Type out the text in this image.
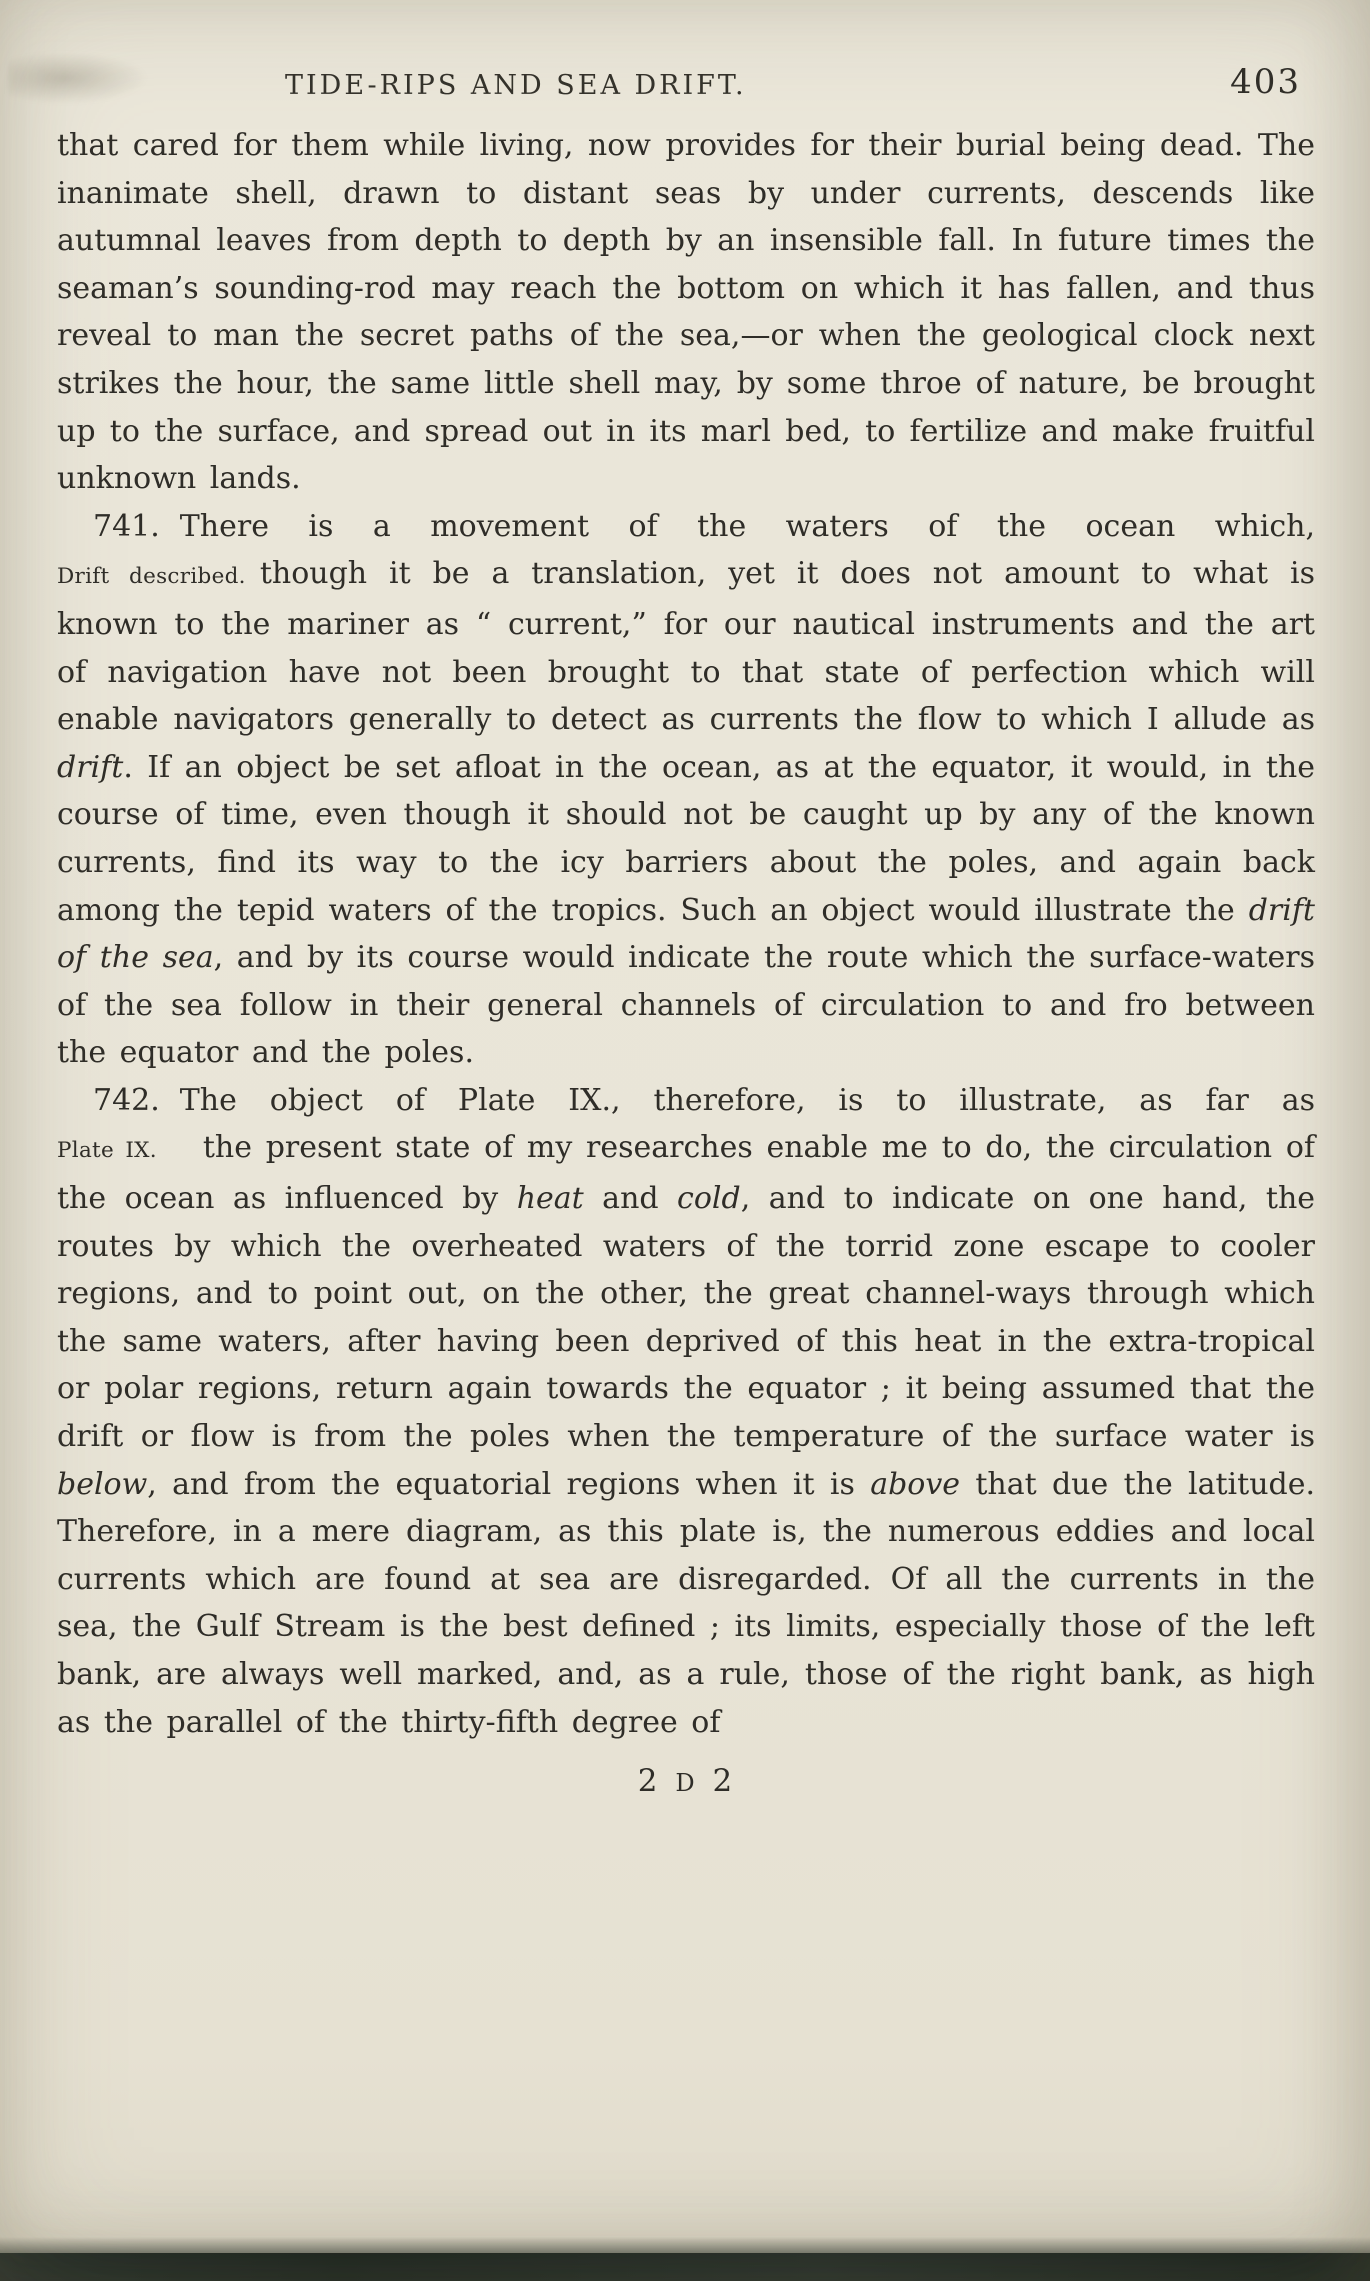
TIDE-RIPS AND SEA DRIFT.	403

that cared for them while living, now provides for their burial being dead. The inanimate shell, drawn to distant seas by under currents, descends like autumnal leaves from depth to depth by an insensible fall. In future times the seaman’s sounding-rod may reach the bottom on which it has fallen, and thus reveal to man the secret paths of the sea,—or when the geological clock next strikes the hour, the same little shell may, by some throe of nature, be brought up to the surface, and spread out in its marl bed, to fertilize and make fruitful unknown lands.

741. There is a movement of the waters of the ocean which,

Drift described. though it be a translation, yet it does not amount to what is known to the mariner as “ current,” for our nautical instruments and the art of navigation have not been brought to that state of perfection which will enable navigators generally to detect as currents the flow to which I allude as drift. If an object be set afloat in the ocean, as at the equator, it would, in the course of time, even though it should not be caught up by any of the known currents, find its way to the icy barriers about the poles, and again back among the tepid waters of the tropics. Such an object would illustrate the drift of the sea, and by its course would indicate the route which the surface-waters of the sea follow in their general channels of circulation to and fro between the equator and the poles.

742. The object of Plate IX., therefore, is to illustrate, as far as

Plate IX. the present state of my researches enable me to do, the circulation of the ocean as influenced by heat and cold, and to indicate on one hand, the routes by which the overheated waters of the torrid zone escape to cooler regions, and to point out, on the other, the great channel-ways through which the same waters, after having been deprived of this heat in the extra-tropical or polar regions, return again towards the equator ; it being assumed that the drift or flow is from the poles when the temperature of the surface water is below, and from the equatorial regions when it is above that due the latitude. Therefore, in a mere diagram, as this plate is, the numerous eddies and local currents which are found at sea are disregarded. Of all the currents in the sea, the Gulf Stream is the best defined ; its limits, especially those of the left bank, are always well marked, and, as a rule, those of the right bank, as high as the parallel of the thirty-fifth degree of

2 D 2
